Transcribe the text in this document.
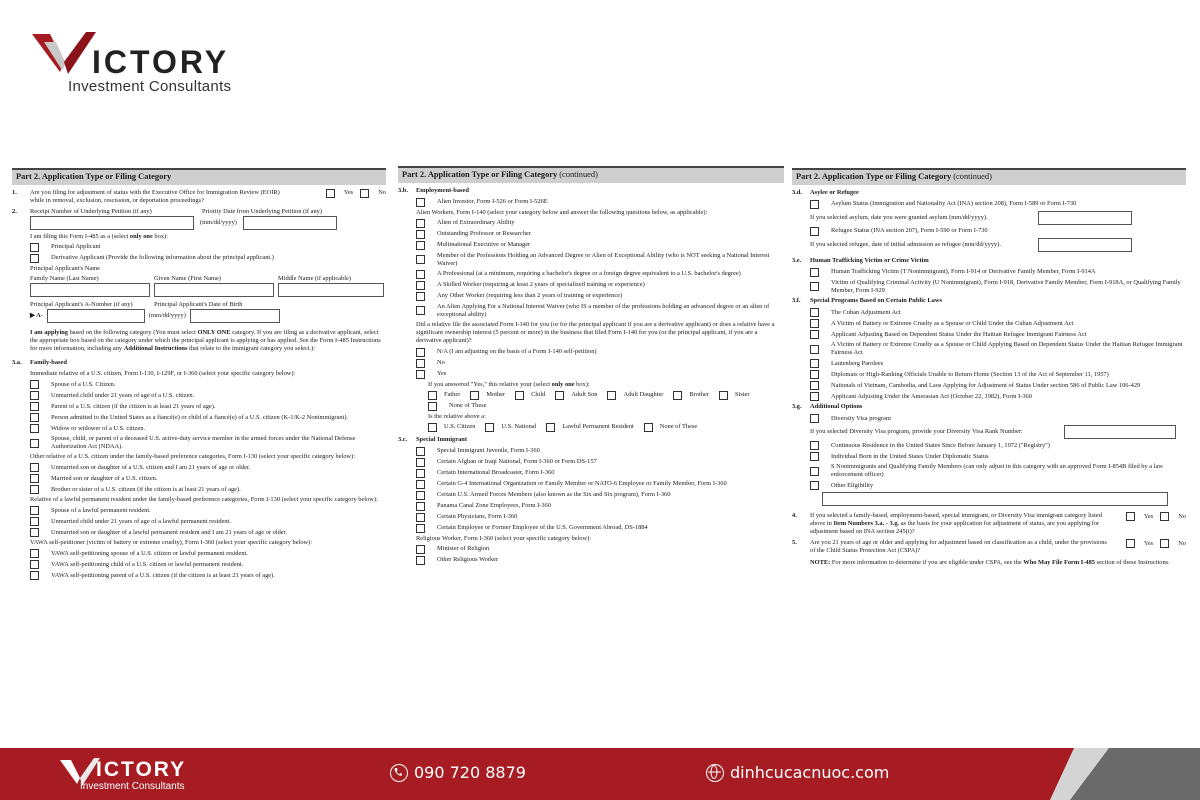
ICTORY
Investment Consultants
Part 2. Application Type or Filing Category
1.	Are you filing for adjustment of status with the Executive Office for Immigration Review (EOIR) while in removal, exclusion, rescission, or deportation proceedings?
Yes	No
2.	Receipt Number of Underlying Petition (if any)	Priority Date from Underlying Petition (if any)
(mm/dd/yyyy)
I am filing this Form I-485 as a (select only one box):
Principal Applicant
Derivative Applicant (Provide the following information about the principal applicant.)
Principal Applicant's Name
Family Name (Last Name)	Given Name (First Name)	Middle Name (if applicable)
Principal Applicant's A-Number (if any)	Principal Applicant's Date of Birth
▶ A-	(mm/dd/yyyy)
I am applying based on the following category (You must select ONLY ONE category. If you are filing as a derivative applicant, select the appropriate box based on the category under which the principal applicant is applying or has applied. See the Form I-485 Instructions for more information, including any Additional Instructions that relate to the immigrant category you select.):
3.a.	Family-based
Immediate relative of a U.S. citizen, Form I-130, I-129F, or I-360 (select your specific category below):
Spouse of a U.S. Citizen.
Unmarried child under 21 years of age of a U.S. citizen.
Parent of a U.S. citizen (if the citizen is at least 21 years of age).
Person admitted to the United States as a fiancé(e) or child of a fiancé(e) of a U.S. citizen (K-1/K-2 Nonimmigrant).
Widow or widower of a U.S. citizen.
Spouse, child, or parent of a deceased U.S. active-duty service member in the armed forces under the National Defense Authorization Act (NDAA).
Other relative of a U.S. citizen under the family-based preference categories, Form I-130 (select your specific category below):
Unmarried son or daughter of a U.S. citizen and I am 21 years of age or older.
Married son or daughter of a U.S. citizen.
Brother or sister of a U.S. citizen (if the citizen is at least 21 years of age).
Relative of a lawful permanent resident under the family-based preference categories, Form I-130 (select your specific category below):
Spouse of a lawful permanent resident.
Unmarried child under 21 years of age of a lawful permanent resident.
Unmarried son or daughter of a lawful permanent resident and I am 21 years of age or older.
VAWA self-petitioner (victim of battery or extreme cruelty), Form I-360 (select your specific category below):
VAWA self-petitioning spouse of a U.S. citizen or lawful permanent resident.
VAWA self-petitioning child of a U.S. citizen or lawful permanent resident.
VAWA self-petitioning parent of a U.S. citizen (if the citizen is at least 21 years of age).
Part 2. Application Type or Filing Category (continued)
3.b.	Employment-based
Alien Investor, Form I-526 or Form I-526E
Alien Workers, Form I-140 (select your category below and answer the following questions below, as applicable):
Alien of Extraordinary Ability
Outstanding Professor or Researcher
Multinational Executive or Manager
Member of the Professions Holding an Advanced Degree or Alien of Exceptional Ability (who is NOT seeking a National Interest Waiver)
A Professional (at a minimum, requiring a bachelor's degree or a foreign degree equivalent to a U.S. bachelor's degree)
A Skilled Worker (requiring at least 2 years of specialized training or experience)
Any Other Worker (requiring less than 2 years of training or experience)
An Alien Applying For a National Interest Waiver (who IS a member of the professions holding an advanced degree or an alien of exceptional ability)
Did a relative file the associated Form I-140 for you (or for the principal applicant if you are a derivative applicant) or does a relative have a significant ownership interest (5 percent or more) in the business that filed Form I-140 for you (or the principal applicant, if you are a derivative applicant)?
N/A (I am adjusting on the basis of a Form I-140 self-petition)
No
Yes
If you answered "Yes," this relative your (select only one box):
Father	Mother	Child	Adult Son	Adult Daughter	Brother	Sister
None of These
Is the relative above a:
U.S. Citizen	U.S. National	Lawful Permanent Resident	None of These
3.c.	Special Immigrant
Special Immigrant Juvenile, Form I-360
Certain Afghan or Iraqi National, Form I-360 or Form DS-157
Certain International Broadcaster, Form I-360
Certain G-4 International Organization or Family Member or NATO-6 Employee or Family Member, Form I-360
Certain U.S. Armed Forces Members (also known as the Six and Six program), Form I-360
Panama Canal Zone Employees, Form I-360
Certain Physicians, Form I-360
Certain Employee or Former Employee of the U.S. Government Abroad, DS-1884
Religious Worker, Form I-360 (select your specific category below):
Minister of Religion
Other Religious Worker
Part 2. Application Type or Filing Category (continued)
3.d.	Asylee or Refugee
Asylum Status (Immigration and Nationality Act (INA) section 208), Form I-589 or Form I-730
If you selected asylum, date you were granted asylum (mm/dd/yyyy).
Refugee Status (INA section 207), Form I-590 or Form I-730
If you selected refugee, date of initial admission as refugee (mm/dd/yyyy).
3.e.	Human Trafficking Victim or Crime Victim
Human Trafficking Victim (T Nonimmigrant), Form I-914 or Derivative Family Member, Form I-914A
Victim of Qualifying Criminal Activity (U Nonimmigrant), Form I-918, Derivative Family Member, Form I-918A, or Qualifying Family Member, Form I-929
3.f.	Special Programs Based on Certain Public Laws
The Cuban Adjustment Act
A Victim of Battery or Extreme Cruelty as a Spouse or Child Under the Cuban Adjustment Act
Applicant Adjusting Based on Dependent Status Under the Haitian Refugee Immigrant Fairness Act
A Victim of Battery or Extreme Cruelty as a Spouse or Child Applying Based on Dependent Status Under the Haitian Refugee Immigrant Fairness Act
Lautenberg Parolees
Diplomats or High-Ranking Officials Unable to Return Home (Section 13 of the Act of September 11, 1957)
Nationals of Vietnam, Cambodia, and Laos Applying for Adjustment of Status Under section 586 of Public Law 106-429
Applicant Adjusting Under the Amerasian Act (October 22, 1982), Form I-360
3.g.	Additional Options
Diversity Visa program
If you selected Diversity Visa program, provide your Diversity Visa Rank Number:
Continuous Residence in the United States Since Before January 1, 1972 ("Registry")
Individual Born in the United States Under Diplomatic Status
S Nonimmigrants and Qualifying Family Members (can only adjust in this category with an approved Form I-854B filed by a law enforcement officer)
Other Eligibility
4.	If you selected a family-based, employment-based, special immigrant, or Diversity Visa immigrant category listed above in Item Numbers 3.a. - 3.g. as the basis for your application for adjustment of status, are you applying for adjustment based on INA section 245(i)?
Yes	No
5.	Are you 21 years of age or older and applying for adjustment based on classification as a child, under the provisions of the Child Status Protection Act (CSPA)?
Yes	No
NOTE: For more information to determine if you are eligible under CSPA, see the Who May File Form I-485 section of these Instructions.
ICTORY
Investment Consultants
090 720 8879	dinhcucacnuoc.com
